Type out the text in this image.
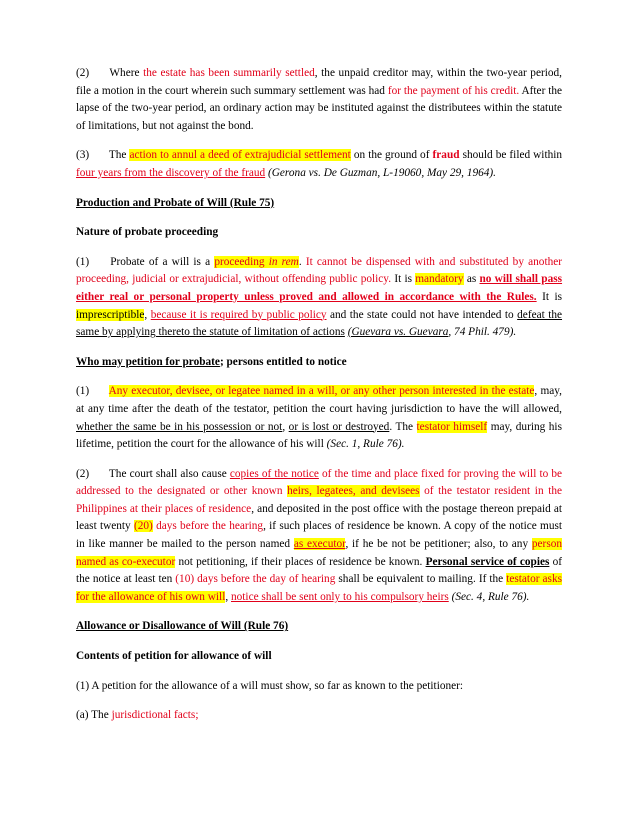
(2) Where the estate has been summarily settled, the unpaid creditor may, within the two-year period, file a motion in the court wherein such summary settlement was had for the payment of his credit. After the lapse of the two-year period, an ordinary action may be instituted against the distributees within the statute of limitations, but not against the bond.

(3) The action to annul a deed of extrajudicial settlement on the ground of fraud should be filed within four years from the discovery of the fraud (Gerona vs. De Guzman, L-19060, May 29, 1964).

Production and Probate of Will (Rule 75)
Nature of probate proceeding

(1) Probate of a will is a proceeding in rem. It cannot be dispensed with and substituted by another proceeding, judicial or extrajudicial, without offending public policy. It is mandatory as no will shall pass either real or personal property unless proved and allowed in accordance with the Rules. It is imprescriptible, because it is required by public policy and the state could not have intended to defeat the same by applying thereto the statute of limitation of actions (Guevara vs. Guevara, 74 Phil. 479).

Who may petition for probate; persons entitled to notice

(1) Any executor, devisee, or legatee named in a will, or any other person interested in the estate, may, at any time after the death of the testator, petition the court having jurisdiction to have the will allowed, whether the same be in his possession or not, or is lost or destroyed. The testator himself may, during his lifetime, petition the court for the allowance of his will (Sec. 1, Rule 76).

(2) The court shall also cause copies of the notice of the time and place fixed for proving the will to be addressed to the designated or other known heirs, legatees, and devisees of the testator resident in the Philippines at their places of residence, and deposited in the post office with the postage thereon prepaid at least twenty (20) days before the hearing, if such places of residence be known. A copy of the notice must in like manner be mailed to the person named as executor, if he be not be petitioner; also, to any person named as co-executor not petitioning, if their places of residence be known. Personal service of copies of the notice at least ten (10) days before the day of hearing shall be equivalent to mailing. If the testator asks for the allowance of his own will, notice shall be sent only to his compulsory heirs (Sec. 4, Rule 76).

Allowance or Disallowance of Will (Rule 76)
Contents of petition for allowance of will

(1) A petition for the allowance of a will must show, so far as known to the petitioner:

(a) The jurisdictional facts;
